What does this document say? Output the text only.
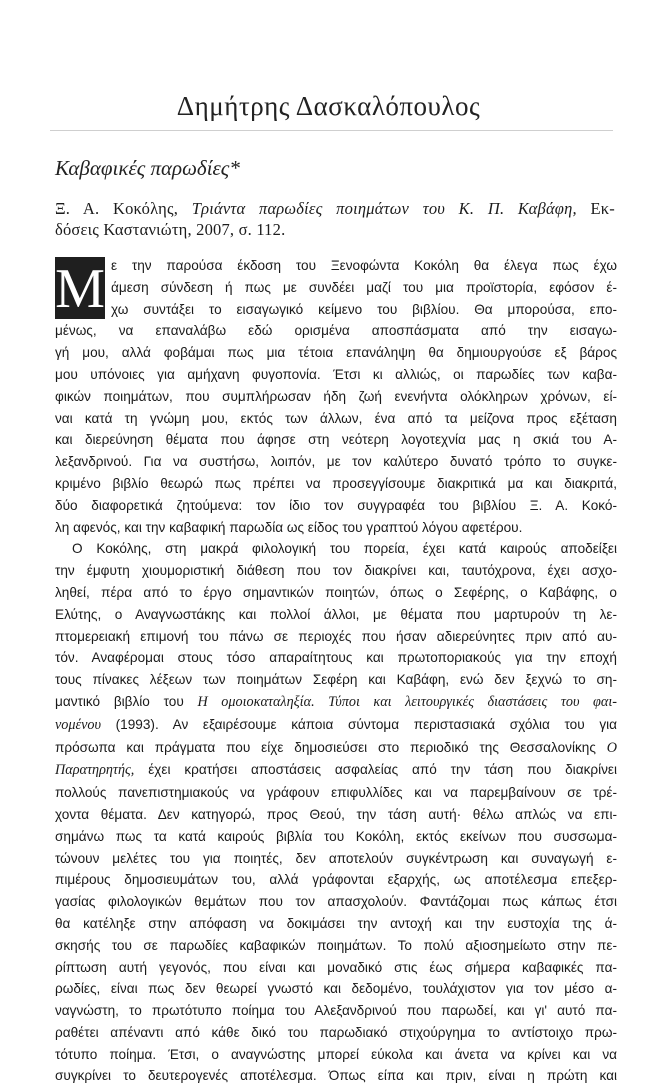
Δημήτρης Δασκαλόπουλος
Καβαφικές παρωδίες*
Ξ. Α. Κοκόλης, Τριάντα παρωδίες ποιημάτων του Κ. Π. Καβάφη, Εκ-
δόσεις Καστανιώτη, 2007, σ. 112.
Μ ε την παρούσα έκδοση του Ξενοφώντα Κοκόλη θα έλεγα πως έχω
άμεση σύνδεση ή πως με συνδέει μαζί του μια προϊστορία, εφόσον έ-
χω συντάξει το εισαγωγικό κείμενο του βιβλίου. Θα μπορούσα, επο-
μένως, να επαναλάβω εδώ ορισμένα αποσπάσματα από την εισαγω-
γή μου, αλλά φοβάμαι πως μια τέτοια επανάληψη θα δημιουργούσε εξ βάρος
μου υπόνοιες για αμήχανη φυγοπονία. Έτσι κι αλλιώς, οι παρωδίες των καβα-
φικών ποιημάτων, που συμπλήρωσαν ήδη ζωή ενενήντα ολόκληρων χρόνων, εί-
ναι κατά τη γνώμη μου, εκτός των άλλων, ένα από τα μείζονα προς εξέταση
και διερεύνηση θέματα που άφησε στη νεότερη λογοτεχνία μας η σκιά του Α-
λεξανδρινού. Για να συστήσω, λοιπόν, με τον καλύτερο δυνατό τρόπο το συγκε-
κριμένο βιβλίο θεωρώ πως πρέπει να προσεγγίσουμε διακριτικά μα και διακριτά,
δύο διαφορετικά ζητούμενα: τον ίδιο τον συγγραφέα του βιβλίου Ξ. Α. Κοκό-
λη αφενός, και την καβαφική παρωδία ως είδος του γραπτού λόγου αφετέρου.
Ο Κοκόλης, στη μακρά φιλολογική του πορεία, έχει κατά καιρούς αποδείξει
την έμφυτη χιουμοριστική διάθεση που τον διακρίνει και, ταυτόχρονα, έχει ασχο-
ληθεί, πέρα από το έργο σημαντικών ποιητών, όπως ο Σεφέρης, ο Καβάφης, ο
Ελύτης, ο Αναγνωστάκης και πολλοί άλλοι, με θέματα που μαρτυρούν τη λε-
πτομερειακή επιμονή του πάνω σε περιοχές που ήσαν αδιερεύνητες πριν από αυ-
τόν. Αναφέρομαι στους τόσο απαραίτητους και πρωτοποριακούς για την εποχή
τους πίνακες λέξεων των ποιημάτων Σεφέρη και Καβάφη, ενώ δεν ξεχνώ το ση-
μαντικό βιβλίο του Η ομοιοκαταληξία. Τύποι και λειτουργικές διαστάσεις του φαι-
νομένου (1993). Αν εξαιρέσουμε κάποια σύντομα περιστασιακά σχόλια του για
πρόσωπα και πράγματα που είχε δημοσιεύσει στο περιοδικό της Θεσσαλονίκης Ο
Παρατηρητής, έχει κρατήσει αποστάσεις ασφαλείας από την τάση που διακρίνει
πολλούς πανεπιστημιακούς να γράφουν επιφυλλίδες και να παρεμβαίνουν σε τρέ-
χοντα θέματα. Δεν κατηγορώ, προς Θεού, την τάση αυτή· θέλω απλώς να επι-
σημάνω πως τα κατά καιρούς βιβλία του Κοκόλη, εκτός εκείνων που συσσωμα-
τώνουν μελέτες του για ποιητές, δεν αποτελούν συγκέντρωση και συναγωγή ε-
πιμέρους δημοσιευμάτων του, αλλά γράφονται εξαρχής, ως αποτέλεσμα επεξερ-
γασίας φιλολογικών θεμάτων που τον απασχολούν. Φαντάζομαι πως κάπως έτσι
θα κατέληξε στην απόφαση να δοκιμάσει την αντοχή και την ευστοχία της ά-
σκησής του σε παρωδίες καβαφικών ποιημάτων. Το πολύ αξιοσημείωτο στην πε-
ρίπτωση αυτή γεγονός, που είναι και μοναδικό στις έως σήμερα καβαφικές πα-
ρωδίες, είναι πως δεν θεωρεί γνωστό και δεδομένο, τουλάχιστον για τον μέσο α-
ναγνώστη, το πρωτότυπο ποίημα του Αλεξανδρινού που παρωδεί, και γι' αυτό πα-
ραθέτει απέναντι από κάθε δικό του παρωδιακό στιχούργημα το αντίστοιχο πρω-
τότυπο ποίημα. Έτσι, ο αναγνώστης μπορεί εύκολα και άνετα να κρίνει και να
συγκρίνει το δευτερογενές αποτέλεσμα. Όπως είπα και πριν, είναι η πρώτη και
